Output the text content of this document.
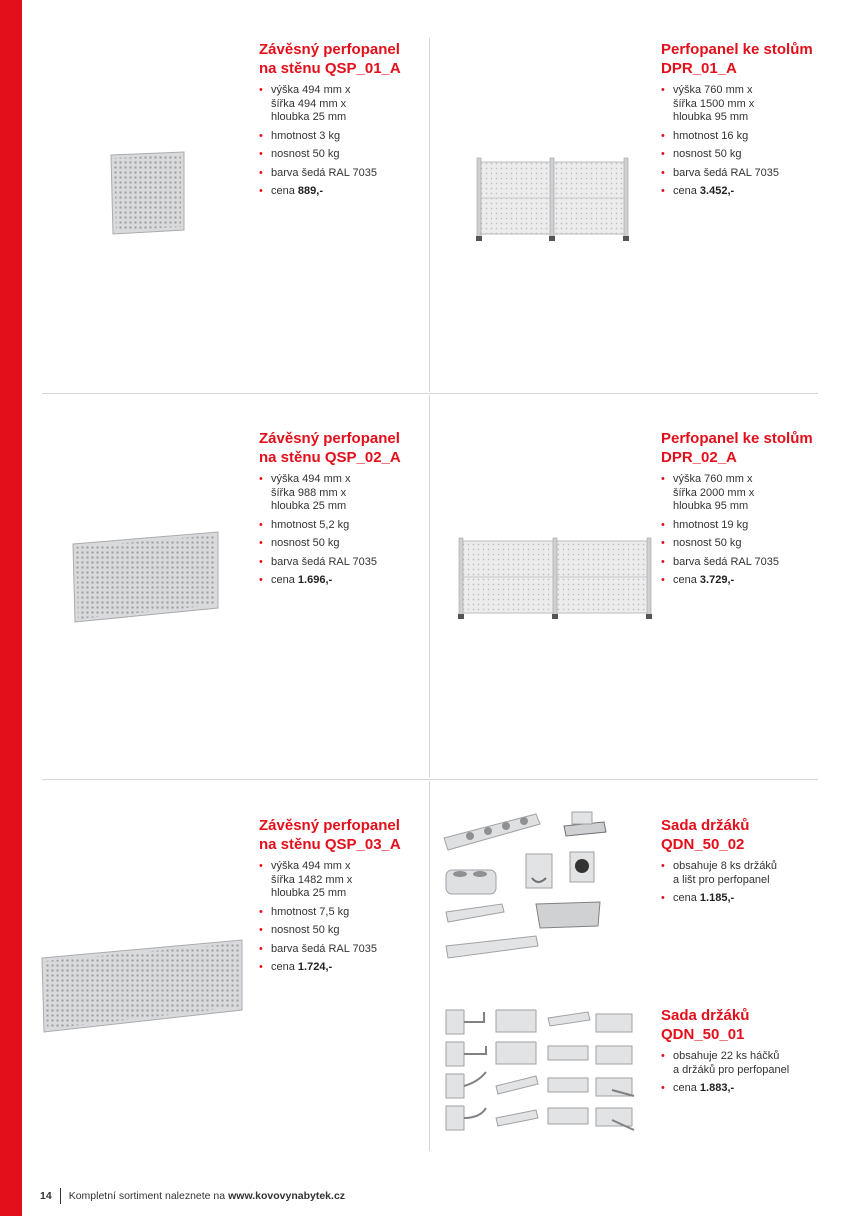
Závěsný perfopanel
na stěnu QSP_01_A
• výška 494 mm x
šířka 494 mm x
hloubka 25 mm
• hmotnost 3 kg
• nosnost 50 kg
• barva šedá RAL 7035
• cena 889,-
Perfopanel ke stolům
DPR_01_A
• výška 760 mm x
šířka 1500 mm x
hloubka 95 mm
• hmotnost 16 kg
• nosnost 50 kg
• barva šedá RAL 7035
• cena 3.452,-
Závěsný perfopanel
na stěnu QSP_02_A
• výška 494 mm x
šířka 988 mm x
hloubka 25 mm
• hmotnost 5,2 kg
• nosnost 50 kg
• barva šedá RAL 7035
• cena 1.696,-
Perfopanel ke stolům
DPR_02_A
• výška 760 mm x
šířka 2000 mm x
hloubka 95 mm
• hmotnost 19 kg
• nosnost 50 kg
• barva šedá RAL 7035
• cena 3.729,-
Závěsný perfopanel
na stěnu QSP_03_A
• výška 494 mm x
šířka 1482 mm x
hloubka 25 mm
• hmotnost 7,5 kg
• nosnost 50 kg
• barva šedá RAL 7035
• cena 1.724,-
Sada držáků
QDN_50_02
• obsahuje 8 ks držáků
a lišt pro perfopanel
• cena 1.185,-
Sada držáků
QDN_50_01
• obsahuje 22 ks háčků
a držáků pro perfopanel
• cena 1.883,-
14 Kompletní sortiment naleznete na www.kovovynabytek.cz
